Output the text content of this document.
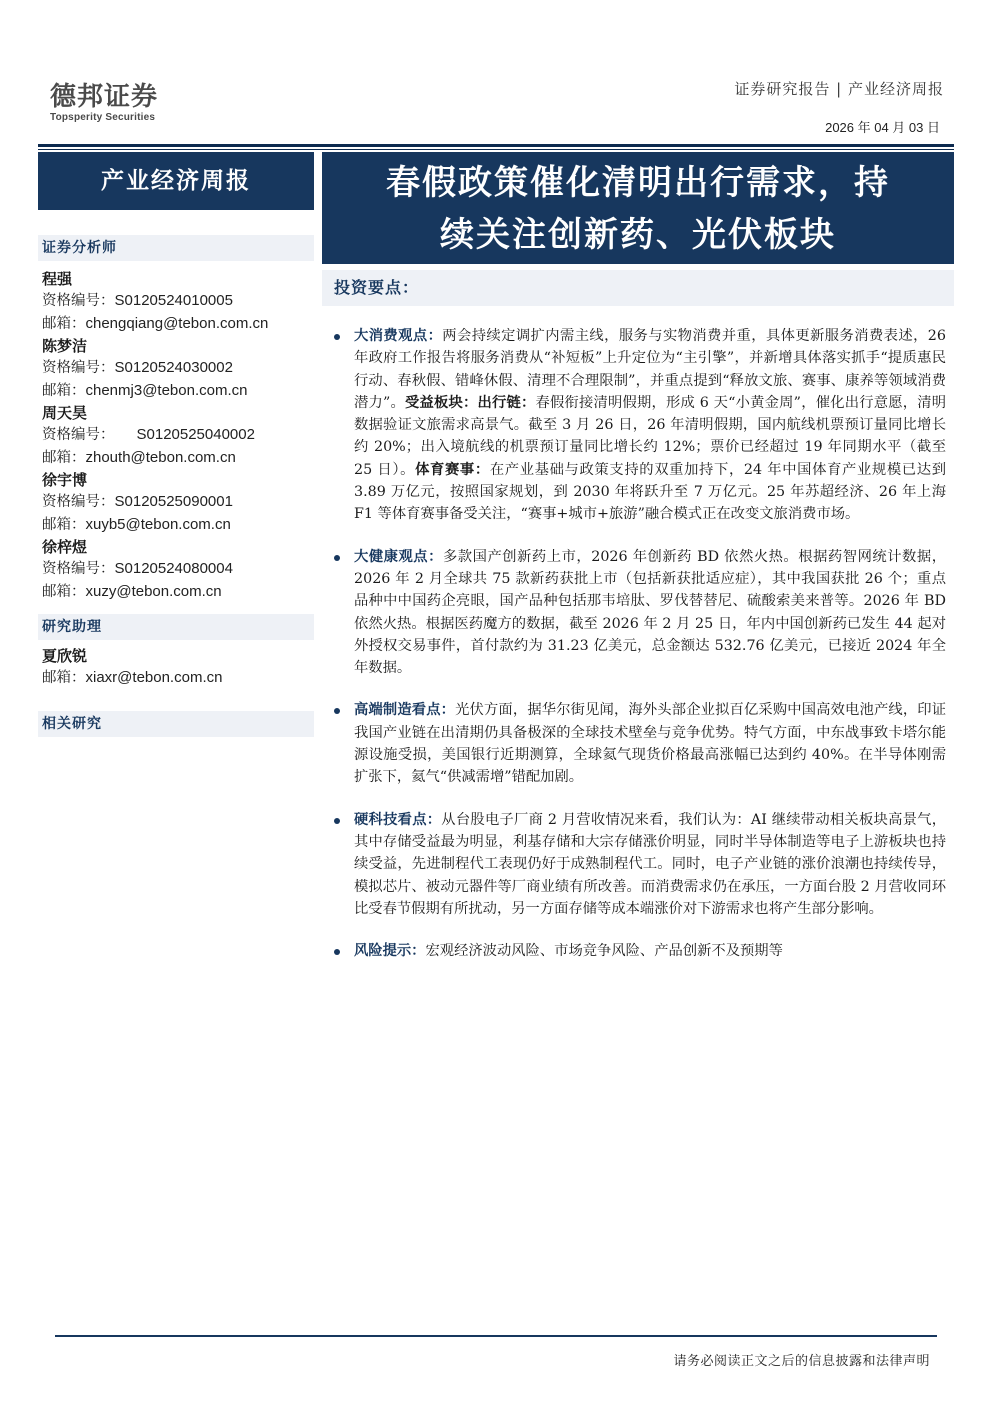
德邦证券
Topsperity Securities
证券研究报告 | 产业经济周报
2026 年 04 月 03 日
产业经济周报	春假政策催化清明出行需求，持
续关注创新药、光伏板块
证券分析师
程强
资格编号：S0120524010005
邮箱：chengqiang@tebon.com.cn
陈梦洁
资格编号：S0120524030002
邮箱：chenmj3@tebon.com.cn
周天昊
资格编号： S0120525040002
邮箱：zhouth@tebon.com.cn
徐宇博
资格编号：S0120525090001
邮箱：xuyb5@tebon.com.cn
徐梓煜
资格编号：S0120524080004
邮箱：xuzy@tebon.com.cn
研究助理
夏欣锐
邮箱：xiaxr@tebon.com.cn
相关研究
投资要点：
大消费观点：两会持续定调扩内需主线，服务与实物消费并重，具体更新服务消费表述，26 年政府工作报告将服务消费从“补短板”上升定位为“主引擎”，并新增具体落实抓手“提质惠民行动、春秋假、错峰休假、清理不合理限制”，并重点提到“释放文旅、赛事、康养等领域消费潜力”。受益板块：出行链：春假衔接清明假期，形成 6 天“小黄金周”，催化出行意愿，清明数据验证文旅需求高景气。截至 3 月 26 日，26 年清明假期，国内航线机票预订量同比增长约 20%；出入境航线的机票预订量同比增长约 12%；票价已经超过 19 年同期水平（截至 25 日）。体育赛事：在产业基础与政策支持的双重加持下，24 年中国体育产业规模已达到 3.89 万亿元，按照国家规划，到 2030 年将跃升至 7 万亿元。25 年苏超经济、26 年上海 F1 等体育赛事备受关注，“赛事+城市+旅游”融合模式正在改变文旅消费市场。
大健康观点：多款国产创新药上市，2026 年创新药 BD 依然火热。根据药智网统计数据，2026 年 2 月全球共 75 款新药获批上市（包括新获批适应症），其中我国获批 26 个；重点品种中中国药企亮眼，国产品种包括那韦培肽、罗伐替替尼、硫酸索美来普等。2026 年 BD 依然火热。根据医药魔方的数据，截至 2026 年 2 月 25 日，年内中国创新药已发生 44 起对外授权交易事件，首付款约为 31.23 亿美元，总金额达 532.76 亿美元，已接近 2024 年全年数据。
高端制造看点：光伏方面，据华尔街见闻，海外头部企业拟百亿采购中国高效电池产线，印证我国产业链在出清期仍具备极深的全球技术壁垒与竞争优势。特气方面，中东战事致卡塔尔能源设施受损，美国银行近期测算，全球氦气现货价格最高涨幅已达到约 40%。在半导体刚需扩张下，氦气“供减需增”错配加剧。
硬科技看点：从台股电子厂商 2 月营收情况来看，我们认为：AI 继续带动相关板块高景气，其中存储受益最为明显，利基存储和大宗存储涨价明显，同时半导体制造等电子上游板块也持续受益，先进制程代工表现仍好于成熟制程代工。同时，电子产业链的涨价浪潮也持续传导，模拟芯片、被动元器件等厂商业绩有所改善。而消费需求仍在承压，一方面台股 2 月营收同环比受春节假期有所扰动，另一方面存储等成本端涨价对下游需求也将产生部分影响。
风险提示：宏观经济波动风险、市场竞争风险、产品创新不及预期等
请务必阅读正文之后的信息披露和法律声明
